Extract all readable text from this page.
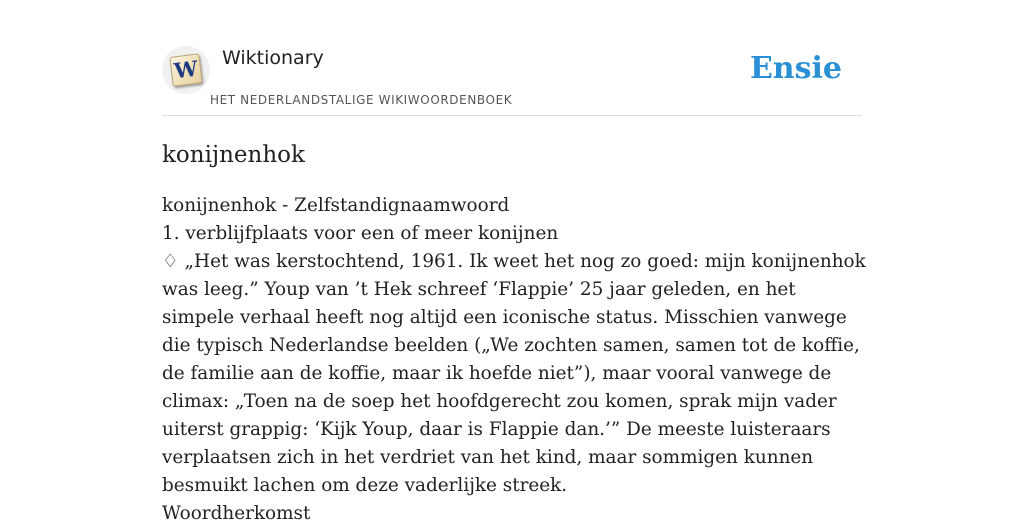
W Wiktionary
HET NEDERLANDSTALIGE WIKIWOORDENBOEK
Ensie
konijnenhok

konijnenhok - Zelfstandignaamwoord

1. verblijfplaats voor een of meer konijnen

♢ „Het was kerstochtend, 1961. Ik weet het nog zo goed: mijn konijnenhok was leeg.” Youp van ’t Hek schreef ‘Flappie’ 25 jaar geleden, en het simpele verhaal heeft nog altijd een iconische status. Misschien vanwege die typisch Nederlandse beelden („We zochten samen, samen tot de koffie, de familie aan de koffie, maar ik hoefde niet”), maar vooral vanwege de climax: „Toen na de soep het hoofdgerecht zou komen, sprak mijn vader uiterst grappig: ‘Kijk Youp, daar is Flappie dan.’” De meeste luisteraars verplaatsen zich in het verdriet van het kind, maar sommigen kunnen besmuikt lachen om deze vaderlijke streek.

Woordherkomst
